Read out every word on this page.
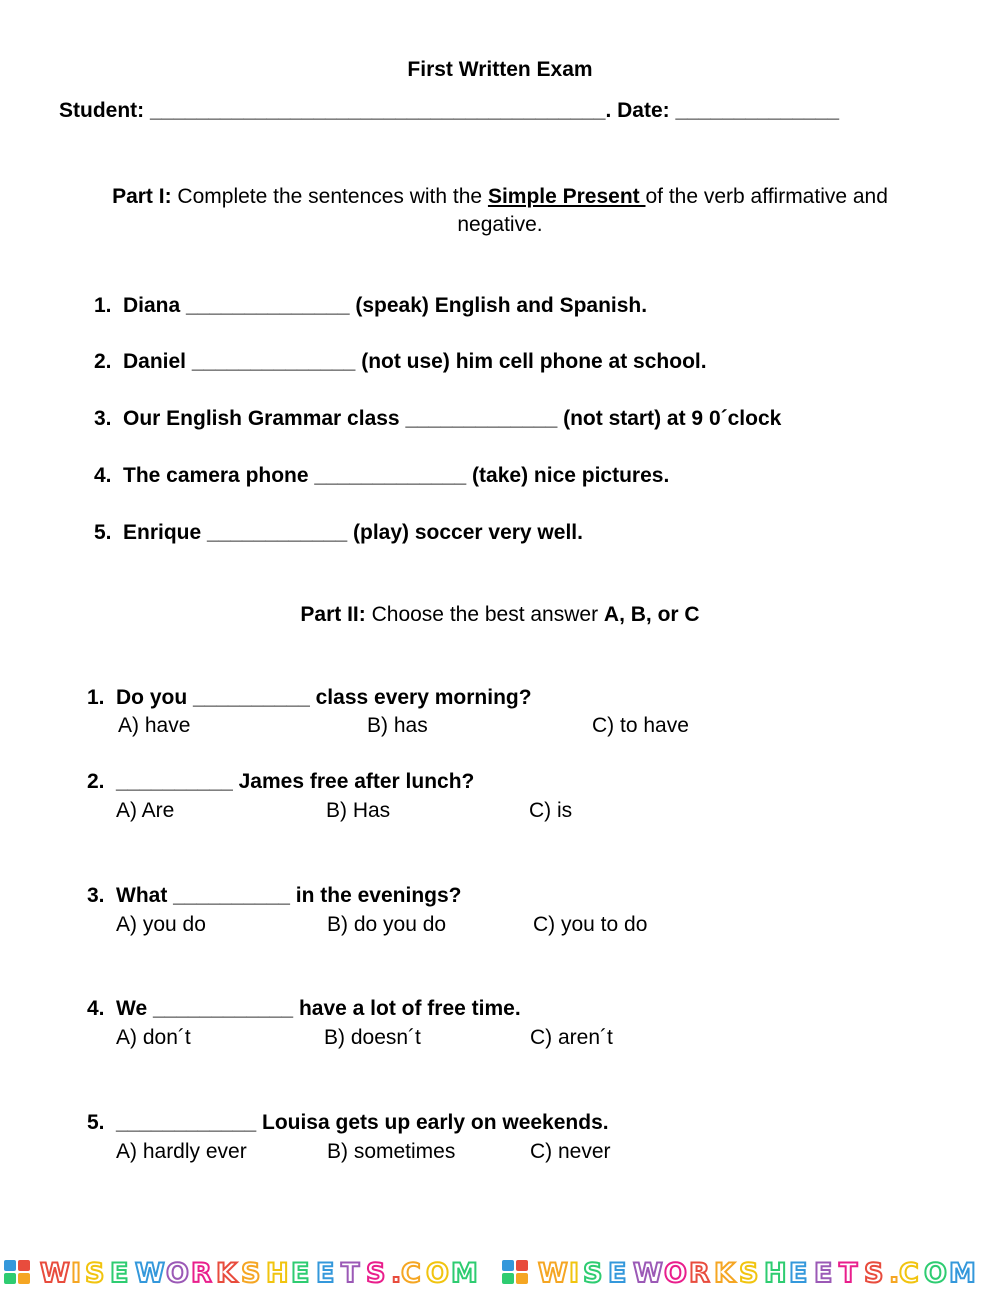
First Written Exam
Student: _______________________________________. Date: ______________
Part I: Complete the sentences with the Simple Present of the verb affirmative and negative.
1. Diana ______________ (speak) English and Spanish.
2. Daniel ______________ (not use) him cell phone at school.
3. Our English Grammar class _____________ (not start) at 9 0´clock
4. The camera phone _____________ (take) nice pictures.
5. Enrique ____________ (play) soccer very well.
Part II: Choose the best answer A, B, or C
1. Do you __________ class every morning?
A) have	B) has	C) to have
2. __________ James free after lunch?
A) Are	B) Has	C) is
3. What __________ in the evenings?
A) you do	B) do you do	C) you to do
4. We ____________ have a lot of free time.
A) don´t	B) doesn´t	C) aren´t
5. ____________ Louisa gets up early on weekends.
A) hardly ever	B) sometimes	C) never
W I S E W O R K S H E E T S . C O M W I S E W O R K S H E E T S . C O M
